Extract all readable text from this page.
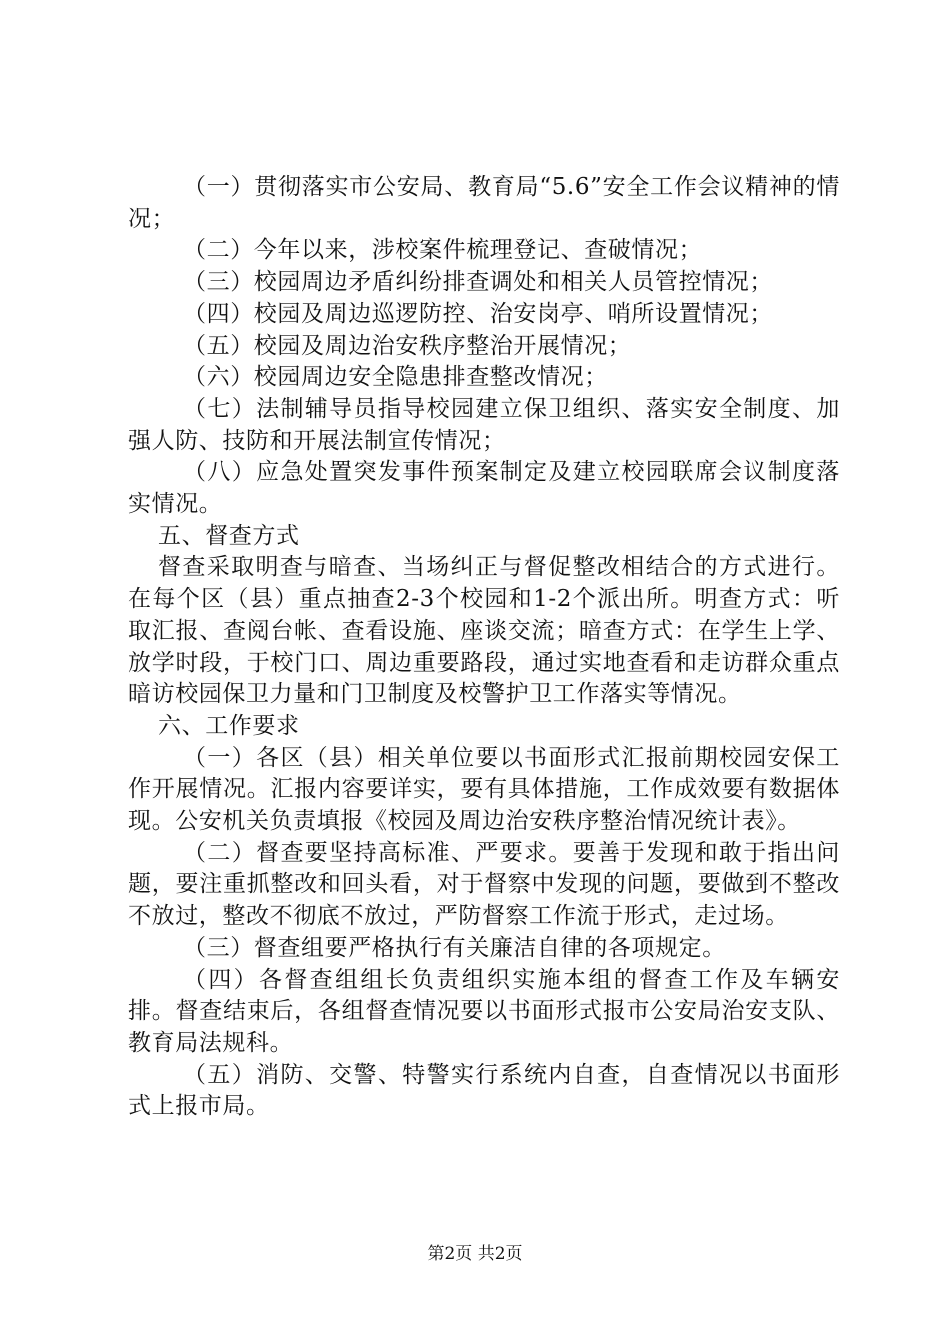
（一）贯彻落实市公安局、教育局“5.6”安全工作会议精神的情况；

（二）今年以来，涉校案件梳理登记、查破情况；

（三）校园周边矛盾纠纷排查调处和相关人员管控情况；

（四）校园及周边巡逻防控、治安岗亭、哨所设置情况；

（五）校园及周边治安秩序整治开展情况；

（六）校园周边安全隐患排查整改情况；

（七）法制辅导员指导校园建立保卫组织、落实安全制度、加强人防、技防和开展法制宣传情况；

（八）应急处置突发事件预案制定及建立校园联席会议制度落实情况。

五、督查方式

督查采取明查与暗查、当场纠正与督促整改相结合的方式进行。在每个区（县）重点抽查2-3个校园和1-2个派出所。明查方式：听取汇报、查阅台帐、查看设施、座谈交流；暗查方式：在学生上学、放学时段，于校门口、周边重要路段，通过实地查看和走访群众重点暗访校园保卫力量和门卫制度及校警护卫工作落实等情况。

六、工作要求

（一）各区（县）相关单位要以书面形式汇报前期校园安保工作开展情况。汇报内容要详实，要有具体措施，工作成效要有数据体现。公安机关负责填报《校园及周边治安秩序整治情况统计表》。

（二）督查要坚持高标准、严要求。要善于发现和敢于指出问题，要注重抓整改和回头看，对于督察中发现的问题，要做到不整改不放过，整改不彻底不放过，严防督察工作流于形式，走过场。

（三）督查组要严格执行有关廉洁自律的各项规定。

（四）各督查组组长负责组织实施本组的督查工作及车辆安排。督查结束后，各组督查情况要以书面形式报市公安局治安支队、教育局法规科。

（五）消防、交警、特警实行系统内自查，自查情况以书面形式上报市局。

第2页 共2页
